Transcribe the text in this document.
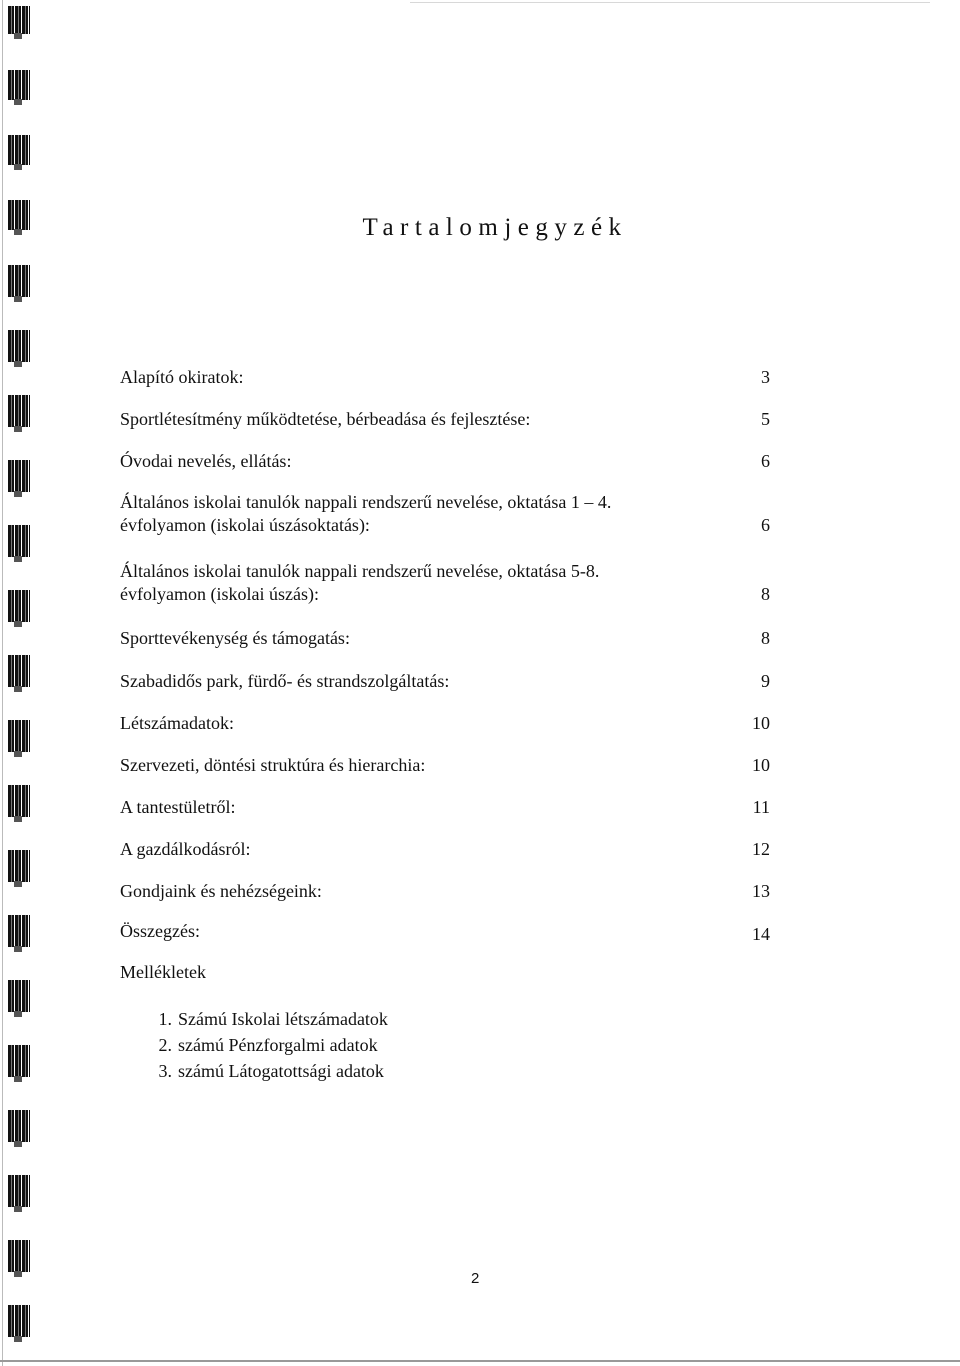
Tartalomjegyzék
Alapító okiratok:	3
Sportlétesítmény működtetése, bérbeadása és fejlesztése:	5
Óvodai nevelés, ellátás:	6
Általános iskolai tanulók nappali rendszerű nevelése, oktatása 1 – 4. évfolyamon (iskolai úszásoktatás):	6
Általános iskolai tanulók nappali rendszerű nevelése, oktatása 5-8. évfolyamon (iskolai úszás):	8
Sporttevékenység és támogatás:	8
Szabadidős park, fürdő- és strandszolgáltatás:	9
Létszámadatok:	10
Szervezeti, döntési struktúra és hierarchia:	10
A tantestületről:	11
A gazdálkodásról:	12
Gondjaink és nehézségeink:	13
Összegzés:	14
Mellékletek
1. Számú Iskolai létszámadatok
2. számú Pénzforgalmi adatok
3. számú Látogatottsági adatok
2
